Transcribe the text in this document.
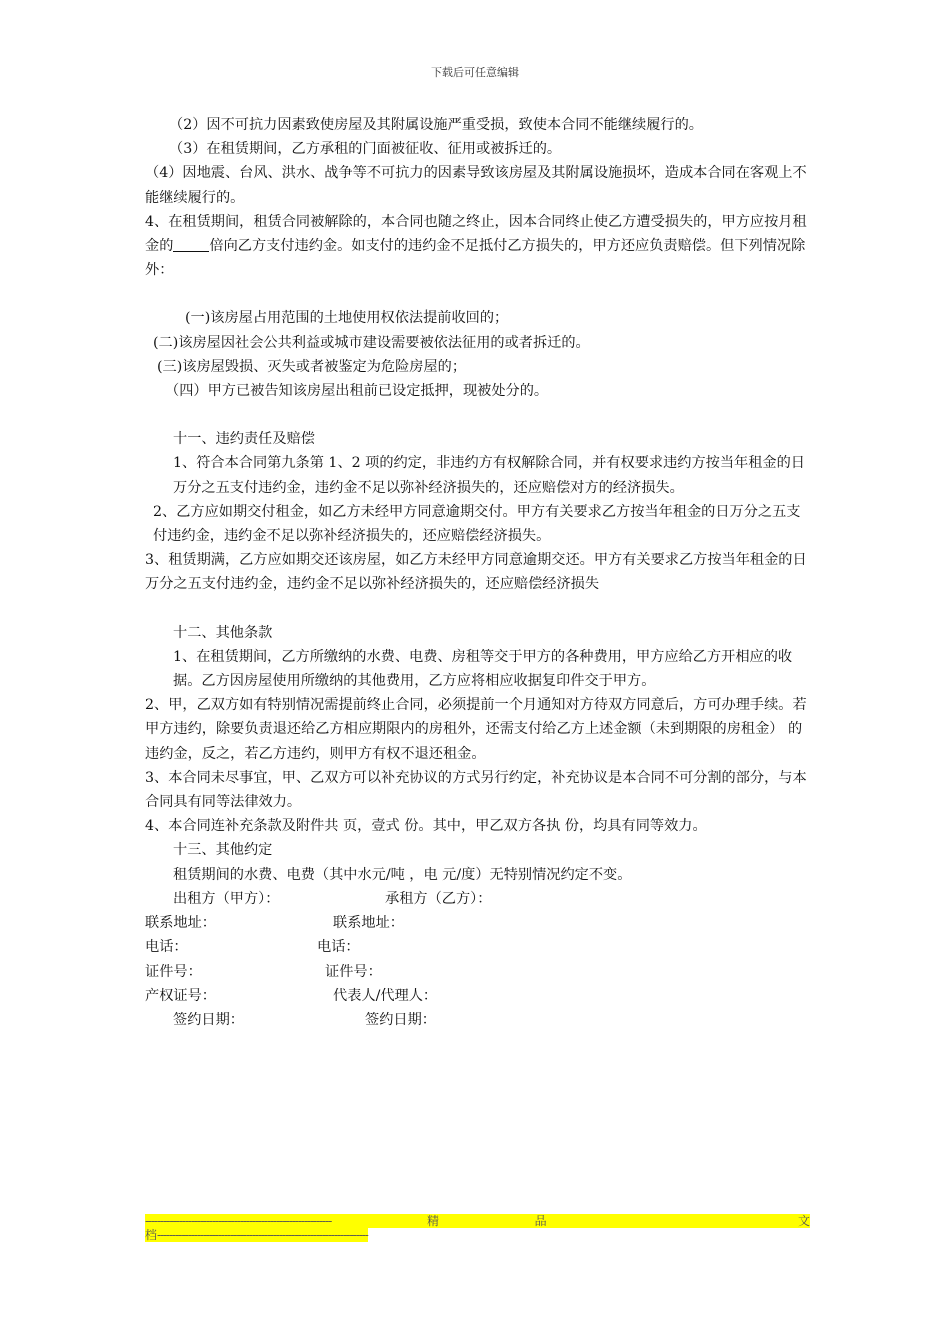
下载后可任意编辑

（2）因不可抗力因素致使房屋及其附属设施严重受损，致使本合同不能继续履行的。

（3）在租赁期间，乙方承租的门面被征收、征用或被拆迁的。

（4）因地震、台风、洪水、战争等不可抗力的因素导致该房屋及其附属设施损坏，造成本合同在客观上不能继续履行的。

4、在租赁期间，租赁合同被解除的，本合同也随之终止，因本合同终止使乙方遭受损失的，甲方应按月租金的	倍向乙方支付违约金。如支付的违约金不足抵付乙方损失的，甲方还应负责赔偿。但下列情况除外：

(一)该房屋占用范围的土地使用权依法提前收回的；

(二)该房屋因社会公共利益或城市建设需要被依法征用的或者拆迁的。

(三)该房屋毁损、灭失或者被鉴定为危险房屋的；

（四）甲方已被告知该房屋出租前已设定抵押，现被处分的。

十一、违约责任及赔偿

1、符合本合同第九条第 1、2 项的约定，非违约方有权解除合同，并有权要求违约方按当年租金的日万分之五支付违约金，违约金不足以弥补经济损失的，还应赔偿对方的经济损失。

2、乙方应如期交付租金，如乙方未经甲方同意逾期交付。甲方有关要求乙方按当年租金的日万分之五支付违约金，违约金不足以弥补经济损失的，还应赔偿经济损失。

3、租赁期满，乙方应如期交还该房屋，如乙方未经甲方同意逾期交还。甲方有关要求乙方按当年租金的日万分之五支付违约金，违约金不足以弥补经济损失的，还应赔偿经济损失

十二、其他条款

1、在租赁期间，乙方所缴纳的水费、电费、房租等交于甲方的各种费用，甲方应给乙方开相应的收据。乙方因房屋使用所缴纳的其他费用，乙方应将相应收据复印件交于甲方。

2、甲，乙双方如有特别情况需提前终止合同，必须提前一个月通知对方待双方同意后，方可办理手续。若甲方违约，除要负责退还给乙方相应期限内的房租外，还需支付给乙方上述金额（未到期限的房租金） 的违约金，反之，若乙方违约，则甲方有权不退还租金。

3、本合同未尽事宜，甲、乙双方可以补充协议的方式另行约定，补充协议是本合同不可分割的部分，与本合同具有同等法律效力。

4、本合同连补充条款及附件共 页，壹式 份。其中，甲乙双方各执 份，均具有同等效力。

十三、其他约定

租赁期间的水费、电费（其中水元/吨 ，电 元/度）无特别情况约定不变。

出租方（甲方）：	承租方（乙方）：
联系地址：	联系地址：
电话：	电话：
证件号：	证件号：
产权证号：	代表人/代理人：
签约日期：	签约日期：
-------------------------------------------------------------	精	品	文
档---------------------------------------------------------------------
